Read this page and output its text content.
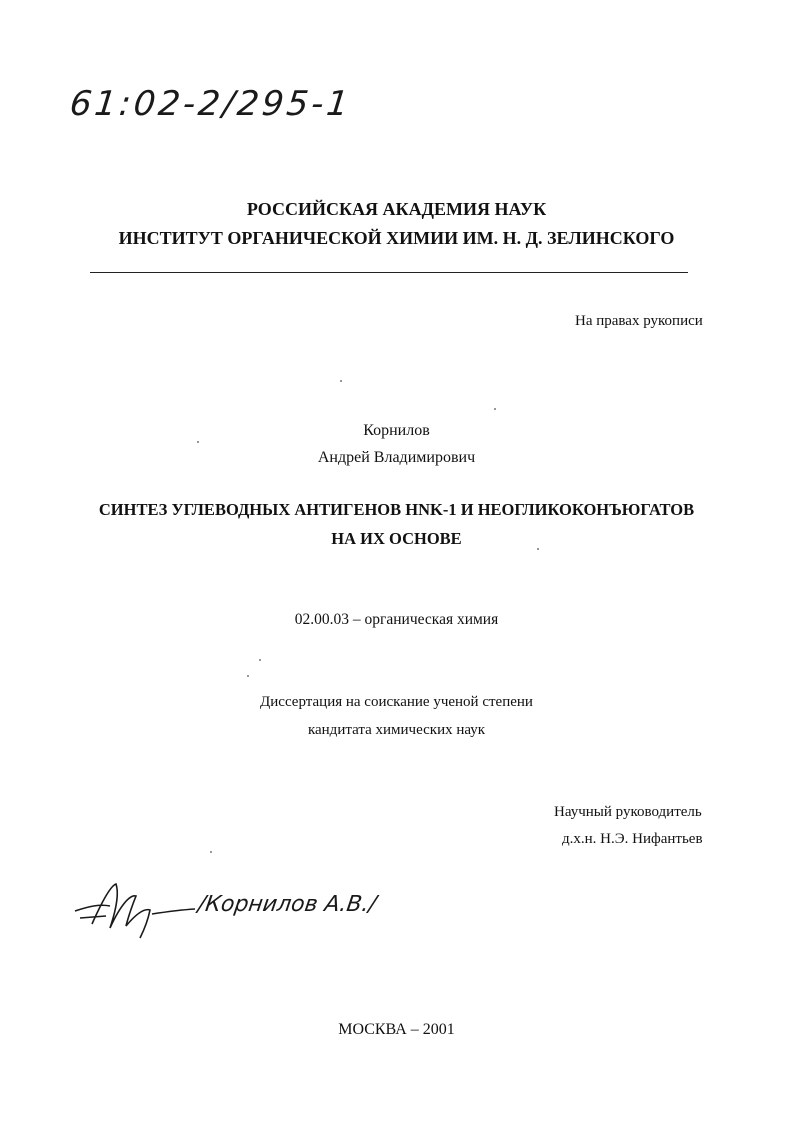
61:02-2/295-1
РОССИЙСКАЯ АКАДЕМИЯ НАУК
ИНСТИТУТ ОРГАНИЧЕСКОЙ ХИМИИ ИМ. Н. Д. ЗЕЛИНСКОГО
На правах рукописи
Корнилов
Андрей Владимирович
СИНТЕЗ УГЛЕВОДНЫХ АНТИГЕНОВ HNK-1 И НЕОГЛИКОКОНЪЮГАТОВ
НА ИХ ОСНОВЕ
02.00.03 – органическая химия
Диссертация на соискание ученой степени
кандитата химических наук
Научный руководитель
д.х.н. Н.Э. Нифантьев
/Корнилов А.В./
МОСКВА – 2001
